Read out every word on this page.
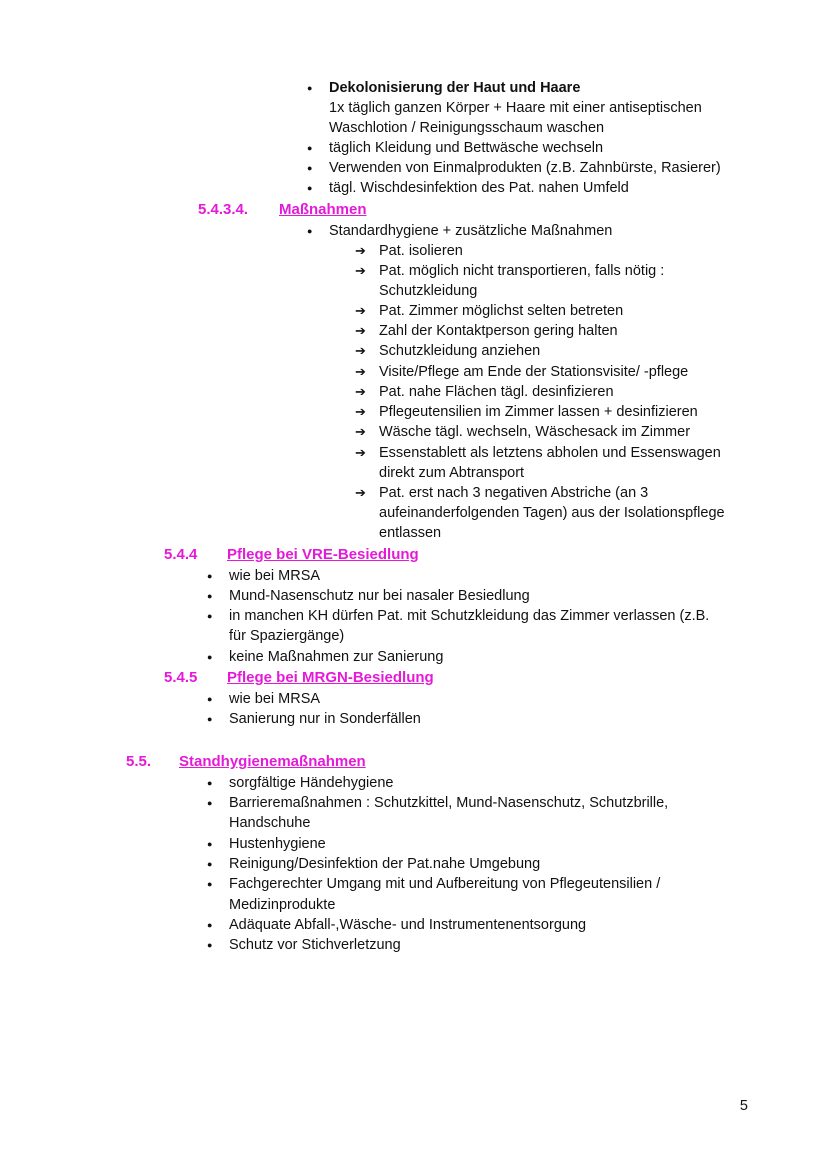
● Dekolonisierung der Haut und Haare
1x täglich ganzen Körper + Haare mit einer antiseptischen
Waschlotion / Reinigungsschaum waschen
● täglich Kleidung und Bettwäsche wechseln
● Verwenden von Einmalprodukten (z.B. Zahnbürste, Rasierer)
● tägl. Wischdesinfektion des Pat. nahen Umfeld
5.4.3.4. Maßnahmen
● Standardhygiene + zusätzliche Maßnahmen
➔ Pat. isolieren
➔ Pat. möglich nicht transportieren, falls nötig :
Schutzkleidung
➔ Pat. Zimmer möglichst selten betreten
➔ Zahl der Kontaktperson gering halten
➔ Schutzkleidung anziehen
➔ Visite/Pflege am Ende der Stationsvisite/ -pflege
➔ Pat. nahe Flächen tägl. desinfizieren
➔ Pflegeutensilien im Zimmer lassen + desinfizieren
➔ Wäsche tägl. wechseln, Wäschesack im Zimmer
➔ Essenstablett als letztens abholen und Essenswagen
direkt zum Abtransport
➔ Pat. erst nach 3 negativen Abstriche (an 3
aufeinanderfolgenden Tagen) aus der Isolationspflege
entlassen
5.4.4 Pflege bei VRE-Besiedlung
● wie bei MRSA
● Mund-Nasenschutz nur bei nasaler Besiedlung
● in manchen KH dürfen Pat. mit Schutzkleidung das Zimmer verlassen (z.B.
für Spaziergänge)
● keine Maßnahmen zur Sanierung
5.4.5 Pflege bei MRGN-Besiedlung
● wie bei MRSA
● Sanierung nur in Sonderfällen
5.5. Standhygienemaßnahmen
● sorgfältige Händehygiene
● Barrieremaßnahmen : Schutzkittel, Mund-Nasenschutz, Schutzbrille,
Handschuhe
● Hustenhygiene
● Reinigung/Desinfektion der Pat.nahe Umgebung
● Fachgerechter Umgang mit und Aufbereitung von Pflegeutensilien /
Medizinprodukte
● Adäquate Abfall-,Wäsche- und Instrumentenentsorgung
● Schutz vor Stichverletzung
5
